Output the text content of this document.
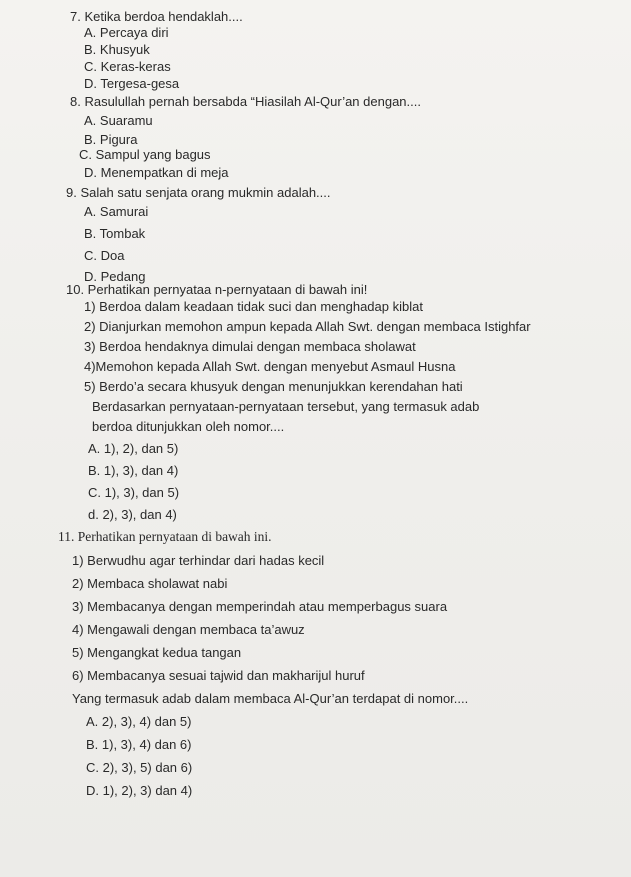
7. Ketika berdoa hendaklah....
A. Percaya diri
B. Khusyuk
C. Keras-keras
D. Tergesa-gesa
8. Rasulullah pernah bersabda “Hiasilah Al-Qur’an dengan....
A. Suaramu
B. Pigura
C. Sampul yang bagus
D. Menempatkan di meja
9. Salah satu senjata orang mukmin adalah....
A. Samurai
B. Tombak
C. Doa
D. Pedang
10. Perhatikan pernyataa n-pernyataan di bawah ini!
1) Berdoa dalam keadaan tidak suci dan menghadap kiblat
2) Dianjurkan memohon ampun kepada Allah Swt. dengan membaca Istighfar
3) Berdoa hendaknya dimulai dengan membaca sholawat
4)Memohon kepada Allah Swt. dengan menyebut Asmaul Husna
5) Berdo’a secara khusyuk dengan menunjukkan kerendahan hati
Berdasarkan pernyataan-pernyataan tersebut, yang termasuk adab
berdoa ditunjukkan oleh nomor....
A. 1), 2), dan 5)
B. 1), 3), dan 4)
C. 1), 3), dan 5)
d. 2), 3), dan 4)
11. Perhatikan pernyataan di bawah ini.
1) Berwudhu agar terhindar dari hadas kecil
2) Membaca sholawat nabi
3) Membacanya dengan memperindah atau memperbagus suara
4) Mengawali dengan membaca ta’awuz
5) Mengangkat kedua tangan
6) Membacanya sesuai tajwid dan makharijul huruf
Yang termasuk adab dalam membaca Al-Qur’an terdapat di nomor....
A. 2), 3), 4) dan 5)
B. 1), 3), 4) dan 6)
C. 2), 3), 5) dan 6)
D. 1), 2), 3) dan 4)
